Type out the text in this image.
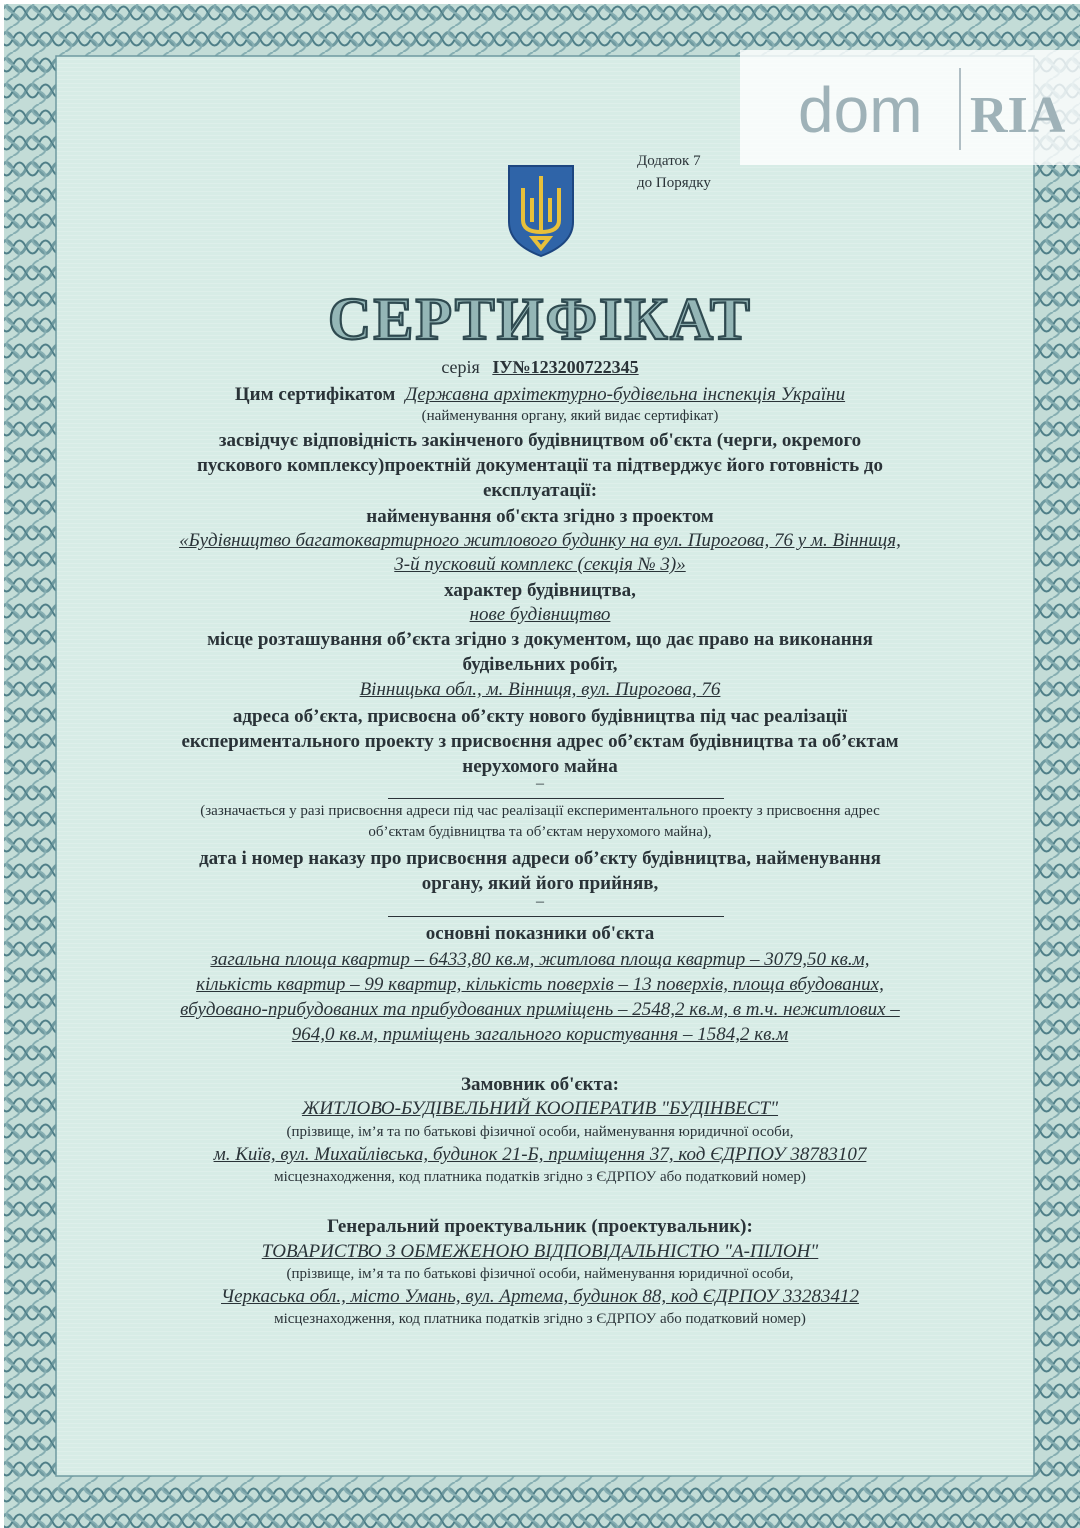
dom RIA
Додаток 7
до Порядку
СЕРТИФІКАТ
серія ІУ№123200722345
Цим сертифікатом Державна архітектурно-будівельна інспекція України
(найменування органу, який видає сертифікат)
засвідчує відповідність закінченого будівництвом об'єкта (черги, окремого
пускового комплексу)проектній документації та підтверджує його готовність до
експлуатації:
найменування об'єкта згідно з проектом
«Будівництво багатоквартирного житлового будинку на вул. Пирогова, 76 у м. Вінниця,
3-й пусковий комплекс (секція № 3)»
характер будівництва,
нове будівництво
місце розташування об’єкта згідно з документом, що дає право на виконання
будівельних робіт,
Вінницька обл., м. Вінниця, вул. Пирогова, 76
адреса об’єкта, присвоєна об’єкту нового будівництва під час реалізації
експериментального проекту з присвоєння адрес об’єктам будівництва та об’єктам
нерухомого майна
–
(зазначається у разі присвоєння адреси під час реалізації експериментального проекту з присвоєння адрес
об’єктам будівництва та об’єктам нерухомого майна),
дата і номер наказу про присвоєння адреси об’єкту будівництва, найменування
органу, який його прийняв,
–
основні показники об'єкта
загальна площа квартир – 6433,80 кв.м, житлова площа квартир – 3079,50 кв.м,
кількість квартир – 99 квартир, кількість поверхів – 13 поверхів, площа вбудованих,
вбудовано-прибудованих та прибудованих приміщень – 2548,2 кв.м, в т.ч. нежитлових –
964,0 кв.м, приміщень загального користування – 1584,2 кв.м
Замовник об'єкта:
ЖИТЛОВО-БУДІВЕЛЬНИЙ КООПЕРАТИВ "БУДІНВЕСТ"
(прізвище, ім’я та по батькові фізичної особи, найменування юридичної особи,
м. Київ, вул. Михайлівська, будинок 21-Б, приміщення 37, код ЄДРПОУ 38783107
місцезнаходження, код платника податків згідно з ЄДРПОУ або податковий номер)
Генеральний проектувальник (проектувальник):
ТОВАРИСТВО З ОБМЕЖЕНОЮ ВІДПОВІДАЛЬНІСТЮ "А-ПІЛОН"
(прізвище, ім’я та по батькові фізичної особи, найменування юридичної особи,
Черкаська обл., місто Умань, вул. Артема, будинок 88, код ЄДРПОУ 33283412
місцезнаходження, код платника податків згідно з ЄДРПОУ або податковий номер)
